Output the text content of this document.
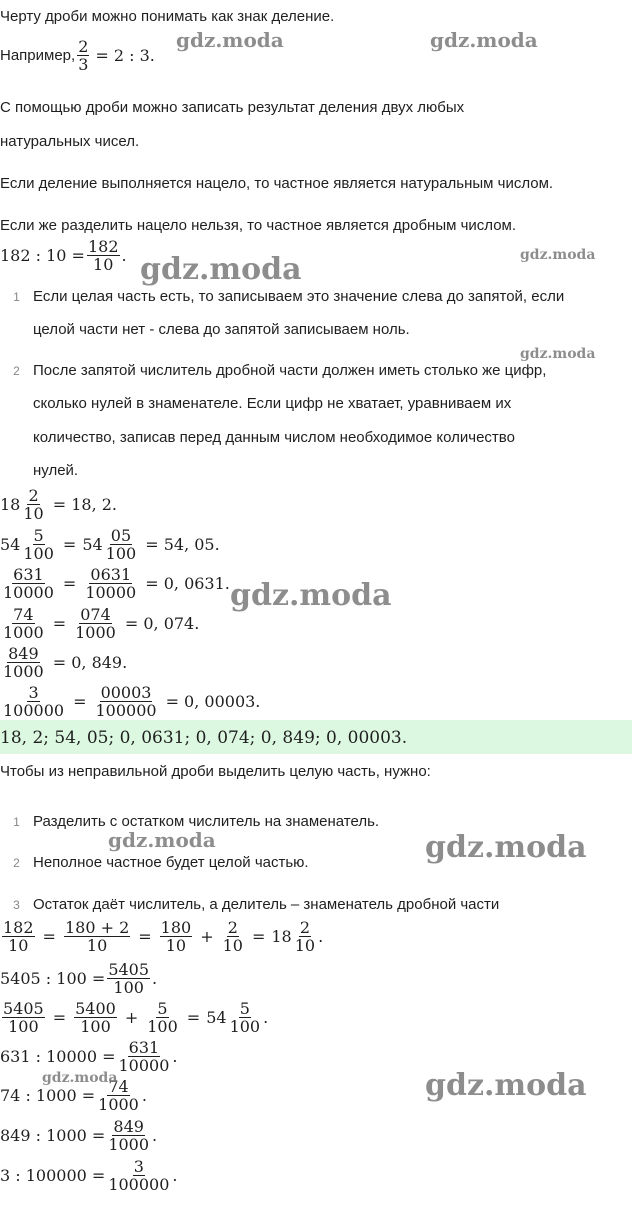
Черту дроби можно понимать как знак деление.
Например, $\frac{2}{3} = 2$ : 3.
С помощью дроби можно записать результат деления двух любых
натуральных чисел.
Если деление выполняется нацело, то частное является натуральным числом.
Если же разделить нацело нельзя, то частное является дробным числом.
182 : $10 = \frac{182}{10}$ .
1 Если целая часть есть, то записываем это значение слева до запятой, если
целой части нет - слева до запятой записываем ноль.
2 После запятой числитель дробной части должен иметь столько же цифр,
сколько нулей в знаменателе. Если цифр не хватает, уравниваем их
количество, записав перед данным числом необходимое количество
нулей.
$18 \frac{2}{10} = 18$, 2.
$54 \frac{5}{100} = 54 \frac{05}{100} = 54$, 05.
$\frac{631}{10000} = \frac{0631}{10000} = 0$, 0631.
$\frac{74}{1000} = \frac{074}{1000} = 0$, 074.
$\frac{849}{1000} = 0$, 849.
$\frac{3}{100000} = \frac{00003}{100000} = 0$, 00003.
18, 2; 54, 05; 0, 0631; 0, 074; 0, 849; 0, 00003.
Чтобы из неправильной дроби выделить целую часть, нужно:
1 Разделить с остатком числитель на знаменатель.
2 Неполное частное будет целой частью.
3 Остаток даёт числитель, а делитель – знаменатель дробной части
$\frac{182}{10} = \frac{180 + 2}{10} = \frac{180}{10} + \frac{2}{10} = 18 \frac{2}{10}$ .
5405 : $100 = \frac{5405}{100}$ .
$\frac{5405}{100} = \frac{5400}{100} + \frac{5}{100} = 54 \frac{5}{100}$ .
631 : $10000 = \frac{631}{10000}$ .
74 : $1000 = \frac{74}{1000}$ .
849 : $1000 = \frac{849}{1000}$ .
3 : $100000 = \frac{3}{100000}$ .
gdz.moda	gdz.moda
gdz.moda	gdz.moda
gdz.moda
gdz.moda
gdz.moda	gdz.moda
gdz.moda	gdz.moda
